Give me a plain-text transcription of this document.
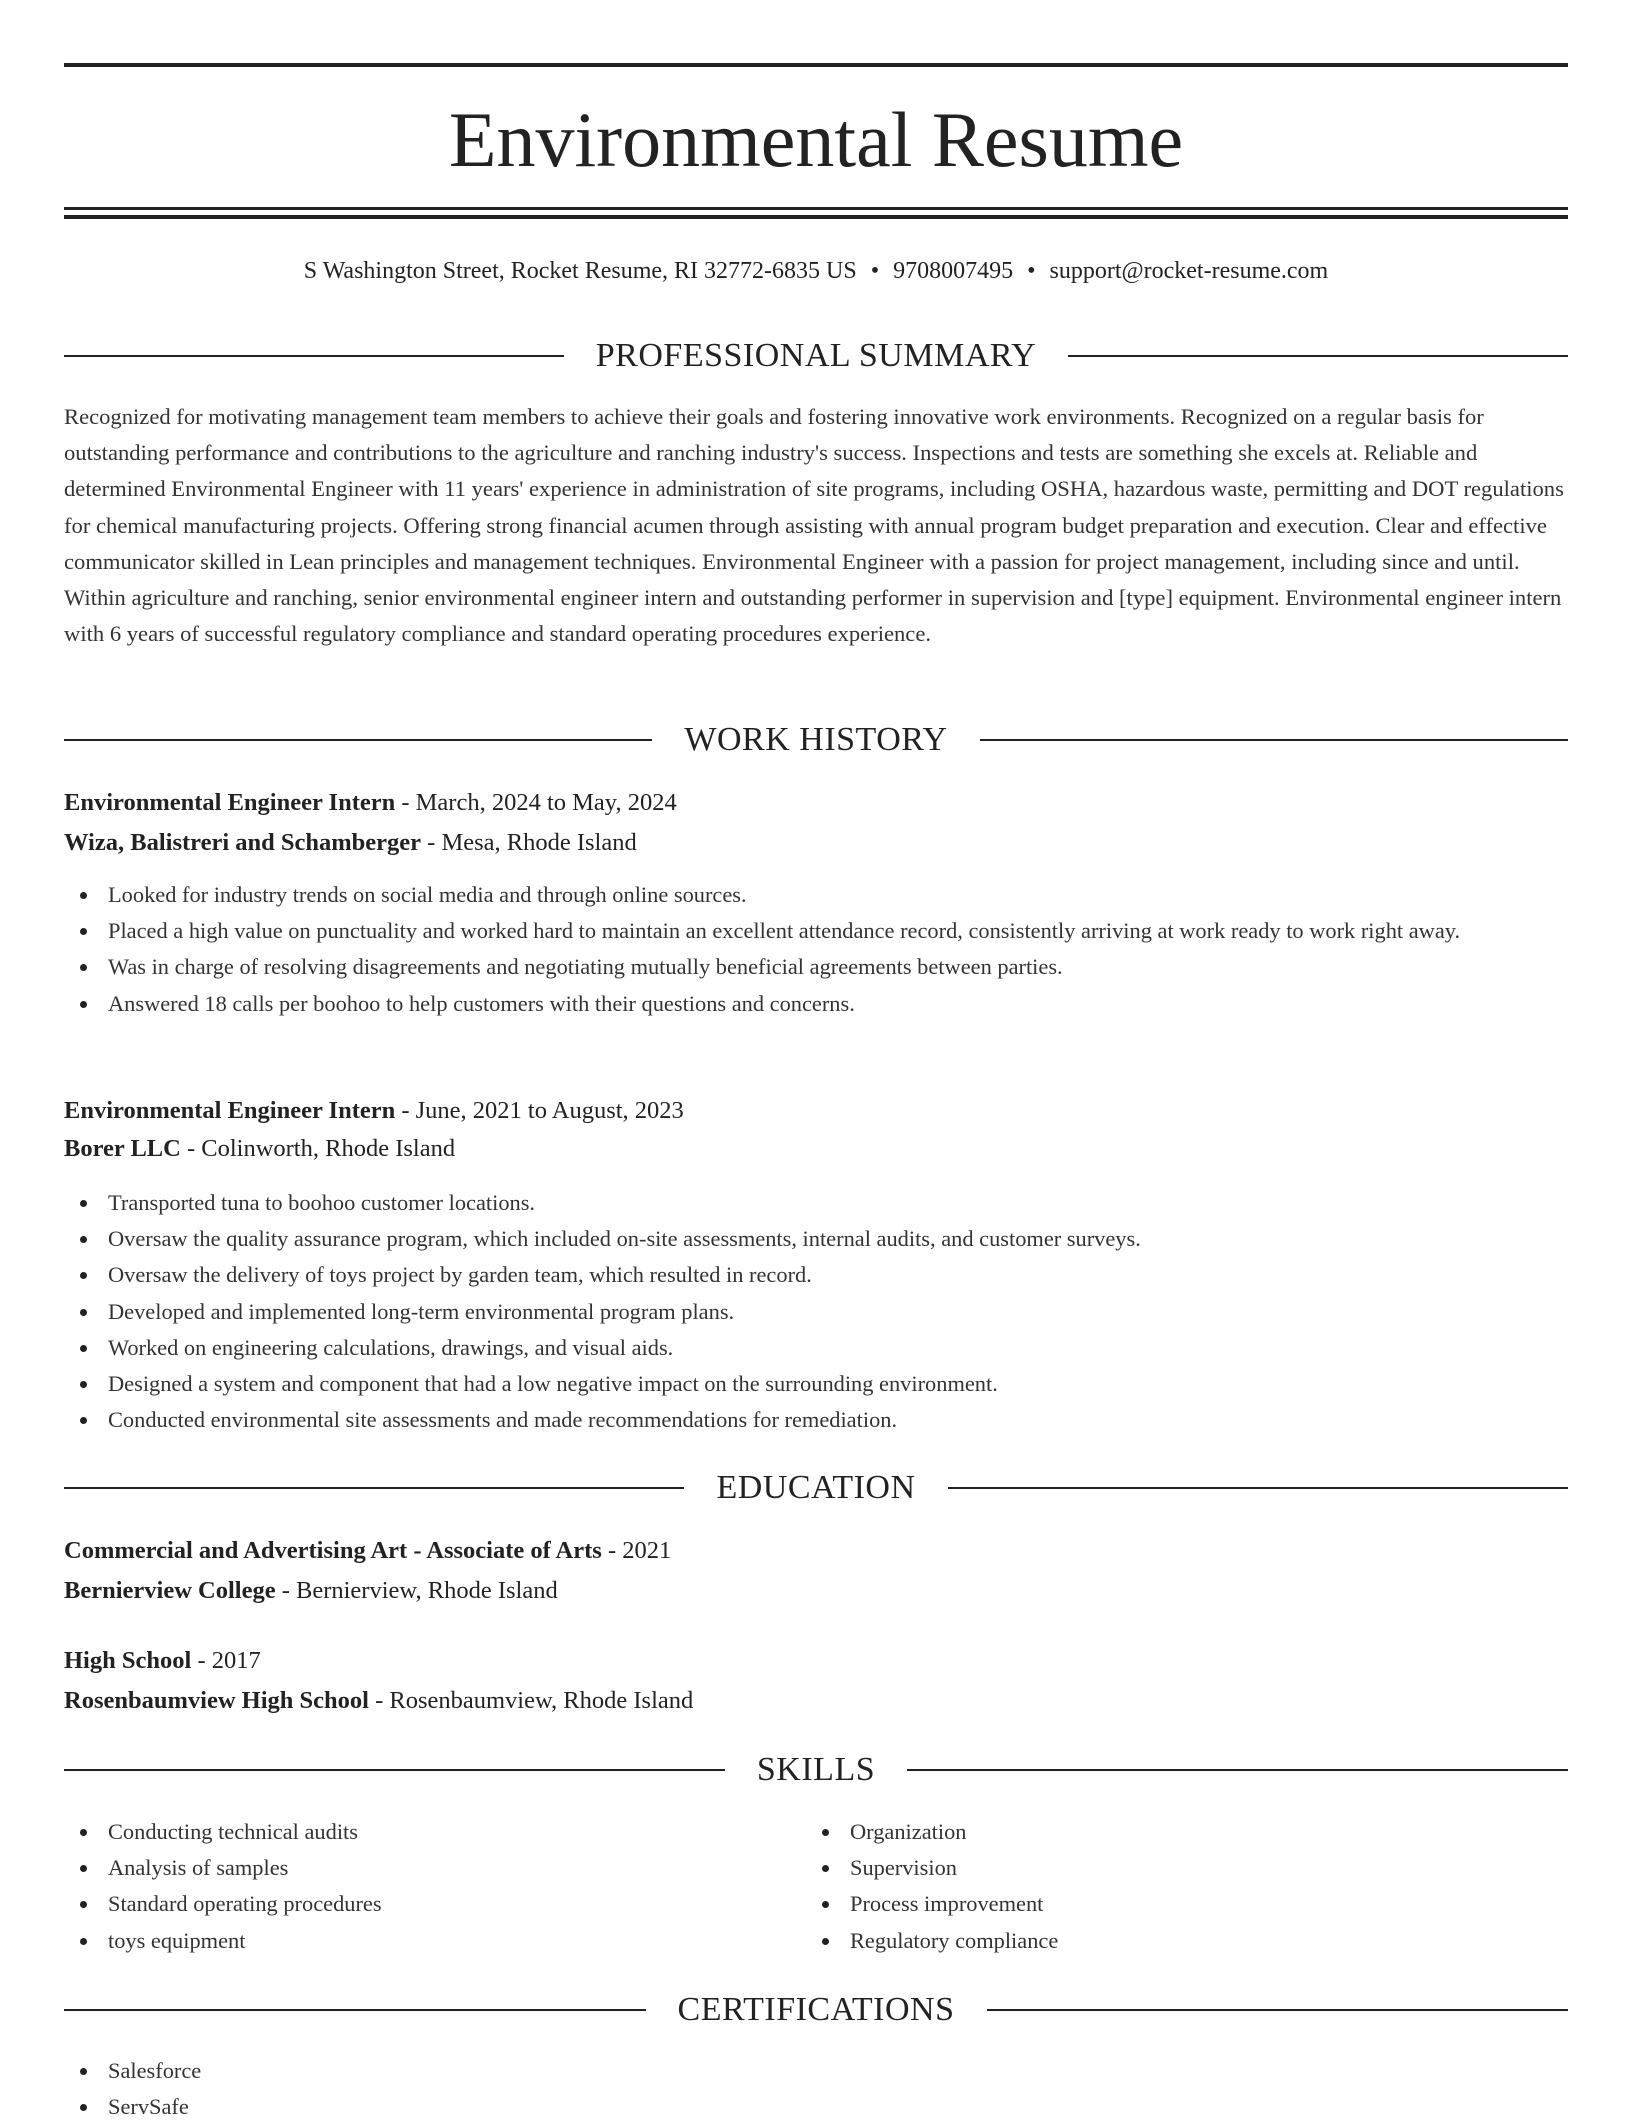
Environmental Resume
S Washington Street, Rocket Resume, RI 32772-6835 US • 9708007495 • support@rocket-resume.com
PROFESSIONAL SUMMARY

Recognized for motivating management team members to achieve their goals and fostering innovative work environments. Recognized on a regular basis for outstanding performance and contributions to the agriculture and ranching industry's success. Inspections and tests are something she excels at. Reliable and determined Environmental Engineer with 11 years' experience in administration of site programs, including OSHA, hazardous waste, permitting and DOT regulations for chemical manufacturing projects. Offering strong financial acumen through assisting with annual program budget preparation and execution. Clear and effective communicator skilled in Lean principles and management techniques. Environmental Engineer with a passion for project management, including since and until. Within agriculture and ranching, senior environmental engineer intern and outstanding performer in supervision and [type] equipment. Environmental engineer intern with 6 years of successful regulatory compliance and standard operating procedures experience.

WORK HISTORY
Environmental Engineer Intern - March, 2024 to May, 2024
Wiza, Balistreri and Schamberger - Mesa, Rhode Island
Looked for industry trends on social media and through online sources.
Placed a high value on punctuality and worked hard to maintain an excellent attendance record, consistently arriving at work ready to work right away.
Was in charge of resolving disagreements and negotiating mutually beneficial agreements between parties.
Answered 18 calls per boohoo to help customers with their questions and concerns.
Environmental Engineer Intern - June, 2021 to August, 2023
Borer LLC - Colinworth, Rhode Island
Transported tuna to boohoo customer locations.
Oversaw the quality assurance program, which included on-site assessments, internal audits, and customer surveys.
Oversaw the delivery of toys project by garden team, which resulted in record.
Developed and implemented long-term environmental program plans.
Worked on engineering calculations, drawings, and visual aids.
Designed a system and component that had a low negative impact on the surrounding environment.
Conducted environmental site assessments and made recommendations for remediation.
EDUCATION
Commercial and Advertising Art - Associate of Arts - 2021
Bernierview College - Bernierview, Rhode Island
High School - 2017
Rosenbaumview High School - Rosenbaumview, Rhode Island
SKILLS
Conducting technical audits
Analysis of samples
Standard operating procedures
toys equipment
Organization
Supervision
Process improvement
Regulatory compliance
CERTIFICATIONS
Salesforce
ServSafe
